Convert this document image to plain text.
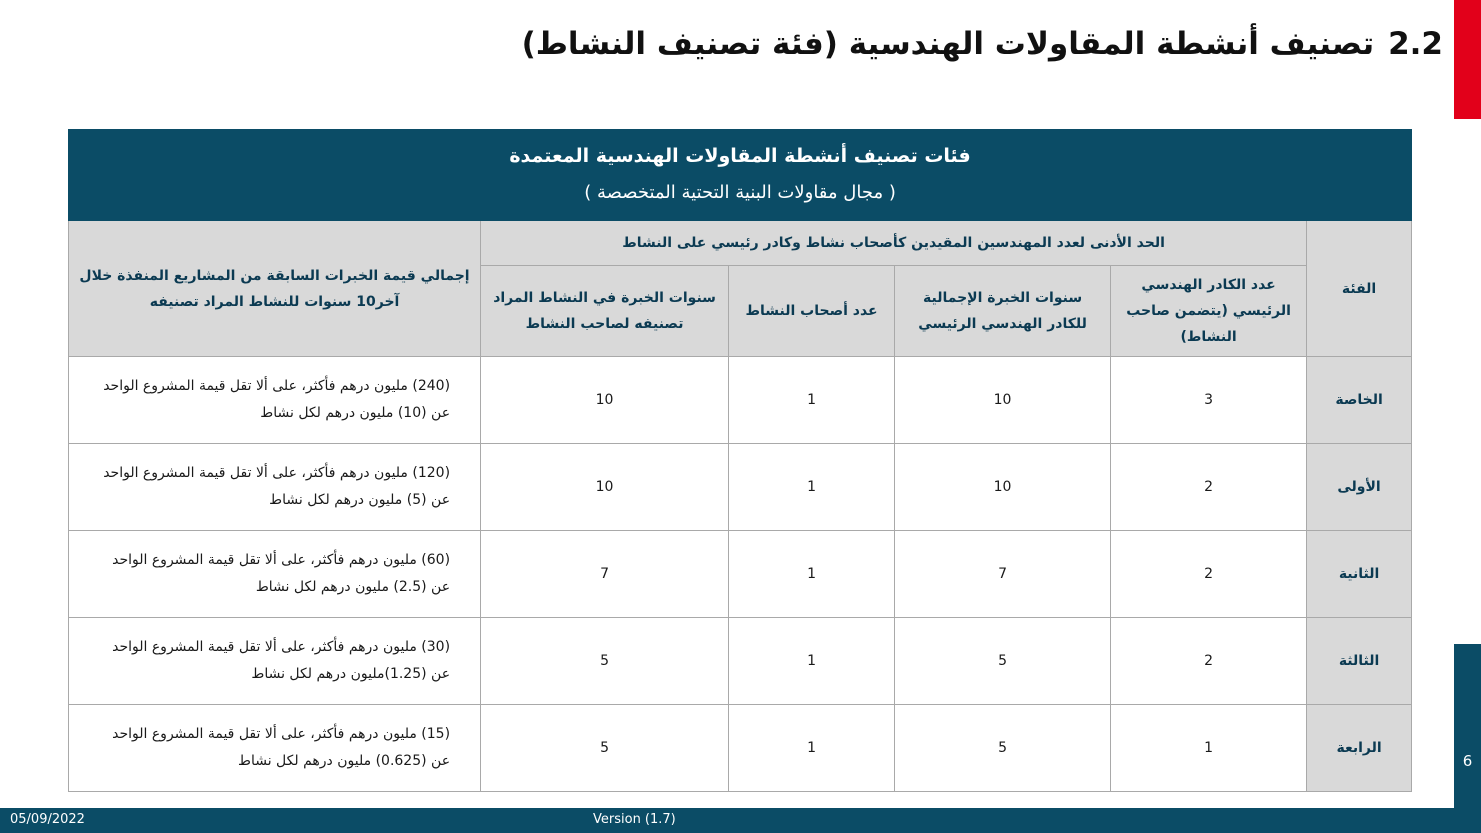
6
2.2تصنيف أنشطة المقاولات الهندسية (فئة تصنيف النشاط)
فئات تصنيف أنشطة المقاولات الهندسية المعتمدة
( مجال مقاولات البنية التحتية المتخصصة )					

الفئة	الحد الأدنى لعدد المهندسين المقيدين كأصحاب نشاط وكادر رئيسي على النشاط				إجمالي قيمة الخبرات السابقة من المشاريع المنفذة خلال آخر10 سنوات للنشاط المراد تصنيفه
	عدد الكادر الهندسي الرئيسي (يتضمن صاحب النشاط)	سنوات الخبرة الإجمالية للكادر الهندسي الرئيسي	عدد أصحاب النشاط	سنوات الخبرة في النشاط المراد تصنيفه لصاحب النشاط	
الخاصة	3	10	1	10	(240) مليون درهم فأكثر، على ألا تقل قيمة المشروع الواحد
عن (10) مليون درهم لكل نشاط
الأولى	2	10	1	10	(120) مليون درهم فأكثر، على ألا تقل قيمة المشروع الواحد
عن (5) مليون درهم لكل نشاط
الثانية	2	7	1	7	(60) مليون درهم فأكثر، على ألا تقل قيمة المشروع الواحد
عن (2.5) مليون درهم لكل نشاط
الثالثة	2	5	1	5	(30) مليون درهم فأكثر، على ألا تقل قيمة المشروع الواحد
عن (1.25)مليون درهم لكل نشاط
الرابعة	1	5	1	5	(15) مليون درهم فأكثر، على ألا تقل قيمة المشروع الواحد
عن (0.625) مليون درهم لكل نشاط
05/09/2022	Version (1.7)
